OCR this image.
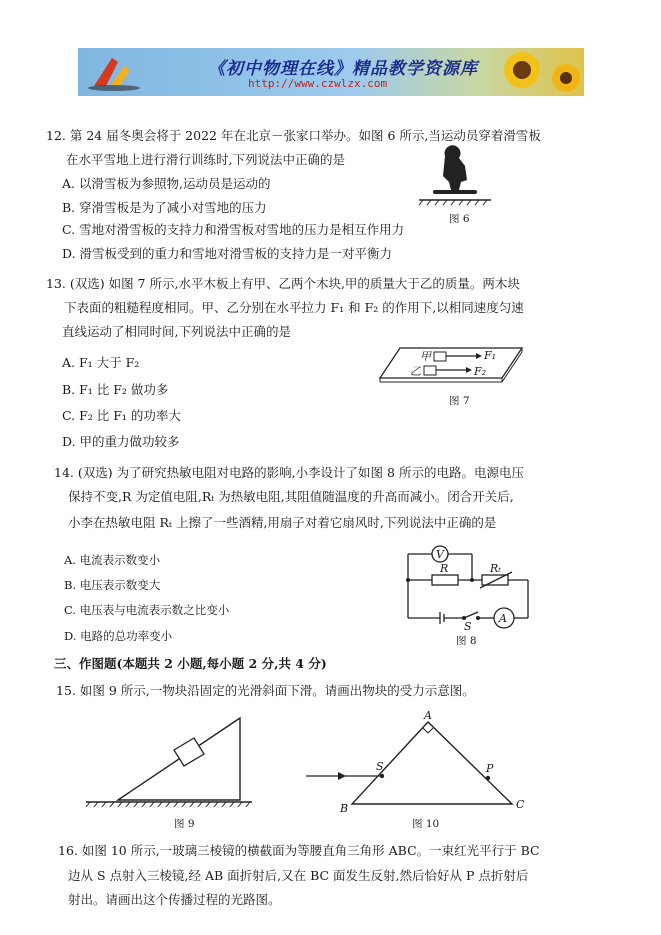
《初中物理在线》精品教学资源库
http://www.czwlzx.com
12. 第 24 届冬奥会将于 2022 年在北京－张家口举办。如图 6 所示,当运动员穿着滑雪板
在水平雪地上进行滑行训练时,下列说法中正确的是
A. 以滑雪板为参照物,运动员是运动的
B. 穿滑雪板是为了减小对雪地的压力
C. 雪地对滑雪板的支持力和滑雪板对雪地的压力是相互作用力
D. 滑雪板受到的重力和雪地对滑雪板的支持力是一对平衡力
图 6
13. (双选) 如图 7 所示,水平木板上有甲、乙两个木块,甲的质量大于乙的质量。两木块
下表面的粗糙程度相同。甲、乙分别在水平拉力 F₁ 和 F₂ 的作用下,以相同速度匀速
直线运动了相同时间,下列说法中正确的是
A. F₁ 大于 F₂
B. F₁ 比 F₂ 做功多
C. F₂ 比 F₁ 的功率大
D. 甲的重力做功较多
甲
乙
F₁
F₂
图 7
14. (双选) 为了研究热敏电阻对电路的影响,小李设计了如图 8 所示的电路。电源电压
保持不变,R 为定值电阻,Rₜ 为热敏电阻,其阻值随温度的升高而减小。闭合开关后,
小李在热敏电阻 Rₜ 上擦了一些酒精,用扇子对着它扇风时,下列说法中正确的是
A. 电流表示数变小
B. 电压表示数变大
C. 电压表与电流表示数之比变小
D. 电路的总功率变小
V
R	Rₜ
S
A
图 8
三、作图题(本题共 2 小题,每小题 2 分,共 4 分)
15. 如图 9 所示,一物块沿固定的光滑斜面下滑。请画出物块的受力示意图。
图 9
A
S	P
B	C
图 10
16. 如图 10 所示,一玻璃三棱镜的横截面为等腰直角三角形 ABC。一束红光平行于 BC
边从 S 点射入三棱镜,经 AB 面折射后,又在 BC 面发生反射,然后恰好从 P 点折射后
射出。请画出这个传播过程的光路图。
